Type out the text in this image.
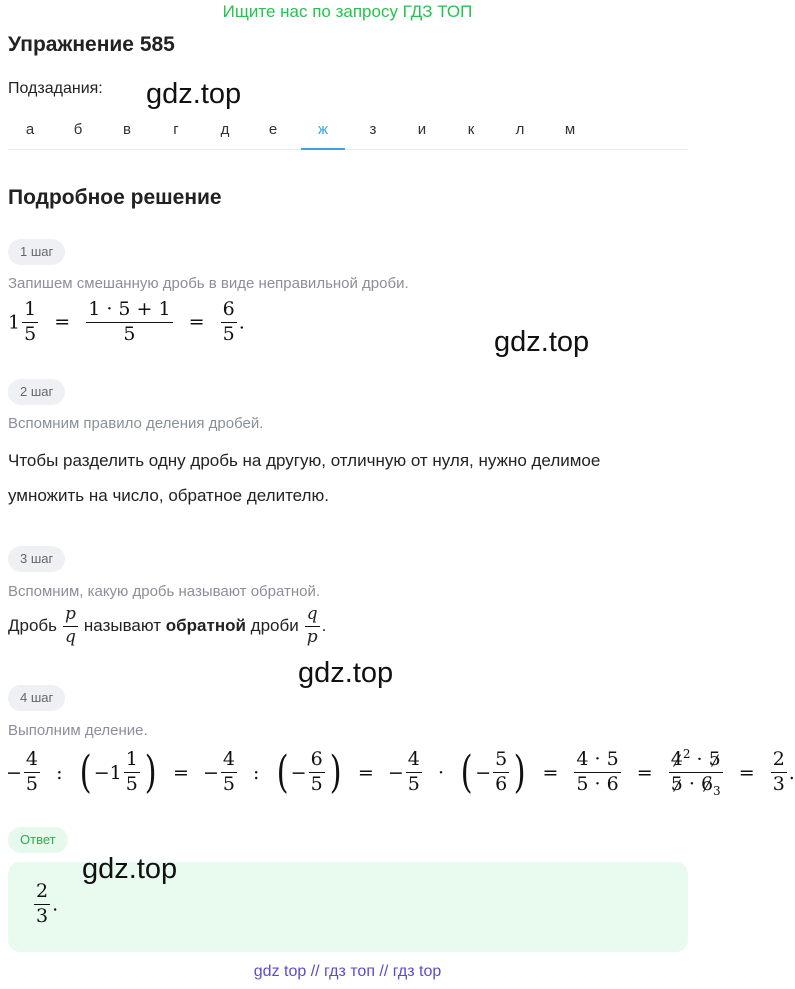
Ищите нас по запросу ГДЗ ТОП
Упражнение 585
Подзадания: gdz.top
а	б	в	г	д	е	ж	з	и	к	л	м
Подробное решение
1 шаг
Запишем смешанную дробь в виде неправильной дроби.
$1 \frac{1}{5} = \frac{1 \cdot 5 + 1}{5} = \frac{6}{5}$ .
gdz.top
2 шаг
Вспомним правило деления дробей.
Чтобы разделить одну дробь на другую, отличную от нуля, нужно делимое умножить на число, обратное делителю.
3 шаг
Вспомним, какую дробь называют обратной.
Дробь $\frac{p}{q}$ называют
обратной
дроби $\frac{q}{p}$ .
gdz.top
4 шаг
Выполним деление.
− $\frac{4}{5}$ : ( $-1 \frac{1}{5}$ ) = − $\frac{4}{5}$ : ( − $\frac{6}{5}$ ) = − $\frac{4}{5}$ · ( − $\frac{5}{6}$ ) = $\frac{4 \cdot 5}{5 \cdot 6} = \frac{4^2 \cdot 5}{5 \cdot 6_3} = \frac{2}{3}$ .
Ответ
$\frac{2}{3}$ .
gdz.top
gdz top // гдз топ // гдз top
